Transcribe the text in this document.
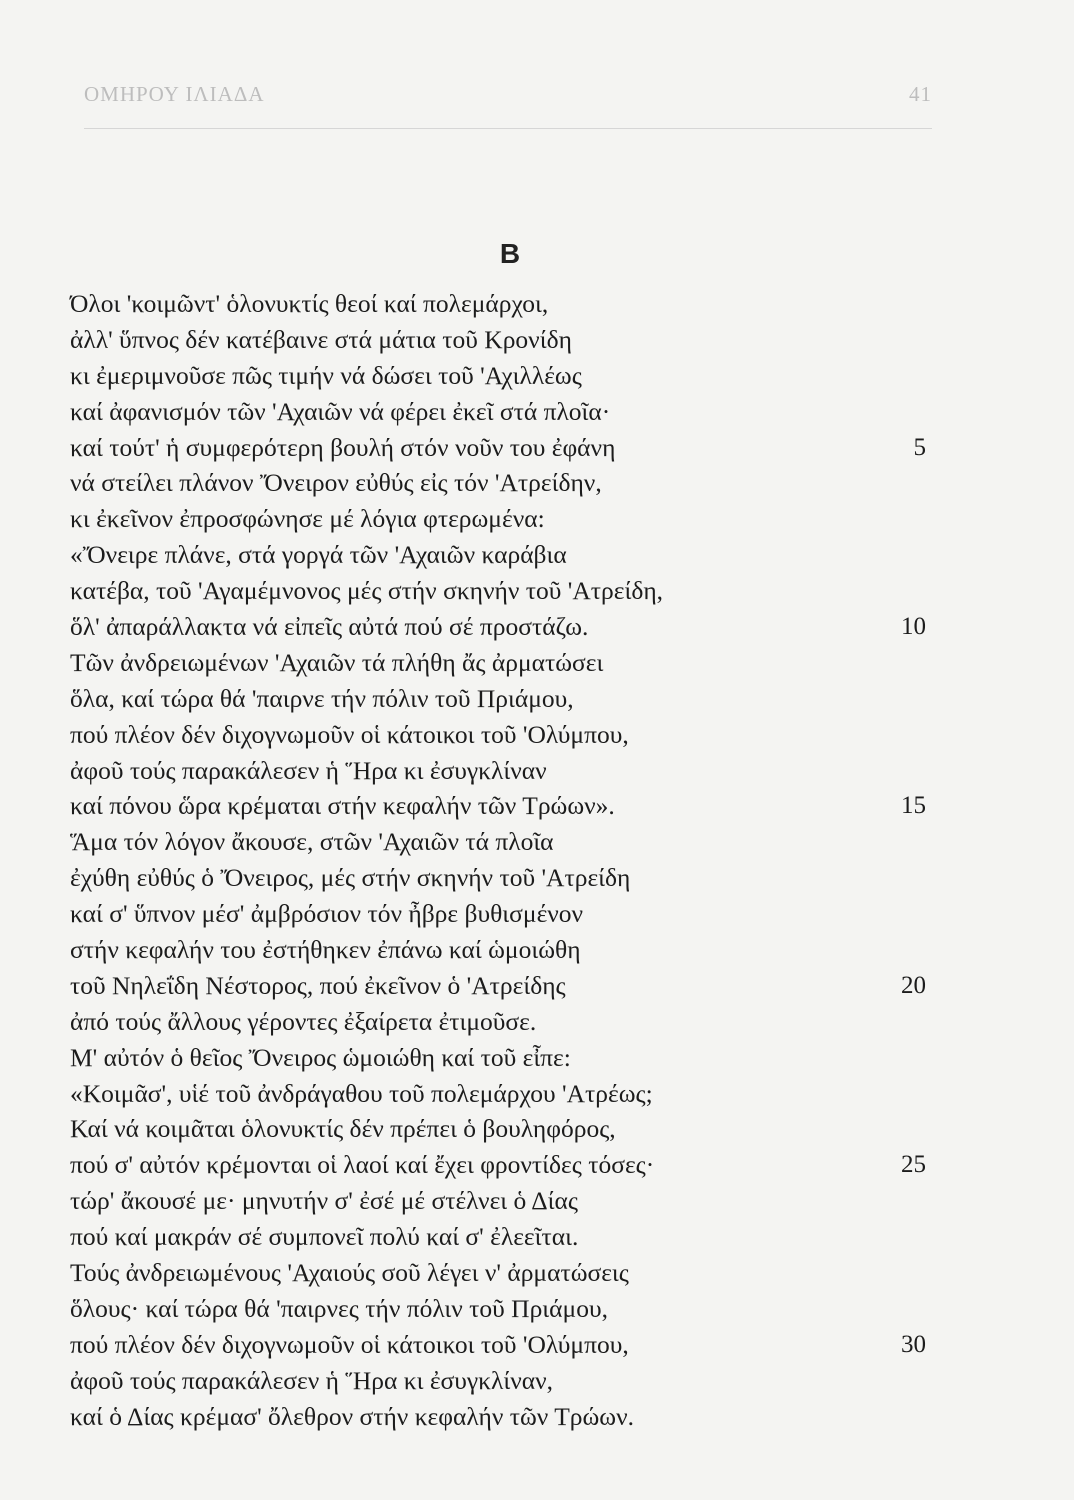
ΟΜΗΡΟΥ ΙΛΙΑΔΑ	41
Β
Όλοι 'κοιμῶντ' ὁλονυκτίς θεοί καί πολεμάρχοι,
ἀλλ' ὕπνος δέν κατέβαινε στά μάτια τοῦ Κρονίδη
κι ἐμεριμνοῦσε πῶς τιμήν νά δώσει τοῦ 'Αχιλλέως
καί ἀφανισμόν τῶν 'Αχαιῶν νά φέρει ἐκεῖ στά πλοῖα·
καί τούτ' ἡ συμφερότερη βουλή στόν νοῦν του ἐφάνη	5
νά στείλει πλάνον Ὄνειρον εὐθύς εἰς τόν 'Ατρείδην,
κι ἐκεῖνον ἐπροσφώνησε μέ λόγια φτερωμένα:
«Ὄνειρε πλάνε, στά γοργά τῶν 'Αχαιῶν καράβια
κατέβα, τοῦ 'Αγαμέμνονος μές στήν σκηνήν τοῦ 'Ατρείδη,
ὅλ' ἀπαράλλακτα νά εἰπεῖς αὐτά πού σέ προστάζω.	10
Τῶν ἀνδρειωμένων 'Αχαιῶν τά πλήθη ἄς ἀρματώσει
ὅλα, καί τώρα θά 'παιρνε τήν πόλιν τοῦ Πριάμου,
πού πλέον δέν διχογνωμοῦν οἱ κάτοικοι τοῦ 'Ολύμπου,
ἀφοῦ τούς παρακάλεσεν ἡ Ἥρα κι ἐσυγκλίναν
καί πόνου ὥρα κρέμαται στήν κεφαλήν τῶν Τρώων».	15
Ἅμα τόν λόγον ἄκουσε, στῶν 'Αχαιῶν τά πλοῖα
ἐχύθη εὐθύς ὁ Ὄνειρος, μές στήν σκηνήν τοῦ 'Ατρείδη
καί σ' ὕπνον μέσ' ἀμβρόσιον τόν ἦβρε βυθισμένον
στήν κεφαλήν του ἐστήθηκεν ἐπάνω καί ὡμοιώθη
τοῦ Νηλεΐδη Νέστορος, πού ἐκεῖνον ὁ 'Ατρείδης	20
ἀπό τούς ἄλλους γέροντες ἐξαίρετα ἐτιμοῦσε.
Μ' αὐτόν ὁ θεῖος Ὄνειρος ὡμοιώθη καί τοῦ εἶπε:
«Κοιμᾶσ', υἱέ τοῦ ἀνδράγαθου τοῦ πολεμάρχου 'Ατρέως;
Καί νά κοιμᾶται ὁλονυκτίς δέν πρέπει ὁ βουληφόρος,
πού σ' αὐτόν κρέμονται οἱ λαοί καί ἔχει φροντίδες τόσες·	25
τώρ' ἄκουσέ με· μηνυτήν σ' ἐσέ μέ στέλνει ὁ Δίας
πού καί μακράν σέ συμπονεῖ πολύ καί σ' ἐλεεῖται.
Τούς ἀνδρειωμένους 'Αχαιούς σοῦ λέγει ν' ἀρματώσεις
ὅλους· καί τώρα θά 'παιρνες τήν πόλιν τοῦ Πριάμου,
πού πλέον δέν διχογνωμοῦν οἱ κάτοικοι τοῦ 'Ολύμπου,	30
ἀφοῦ τούς παρακάλεσεν ἡ Ἥρα κι ἐσυγκλίναν,
καί ὁ Δίας κρέμασ' ὄλεθρον στήν κεφαλήν τῶν Τρώων.
